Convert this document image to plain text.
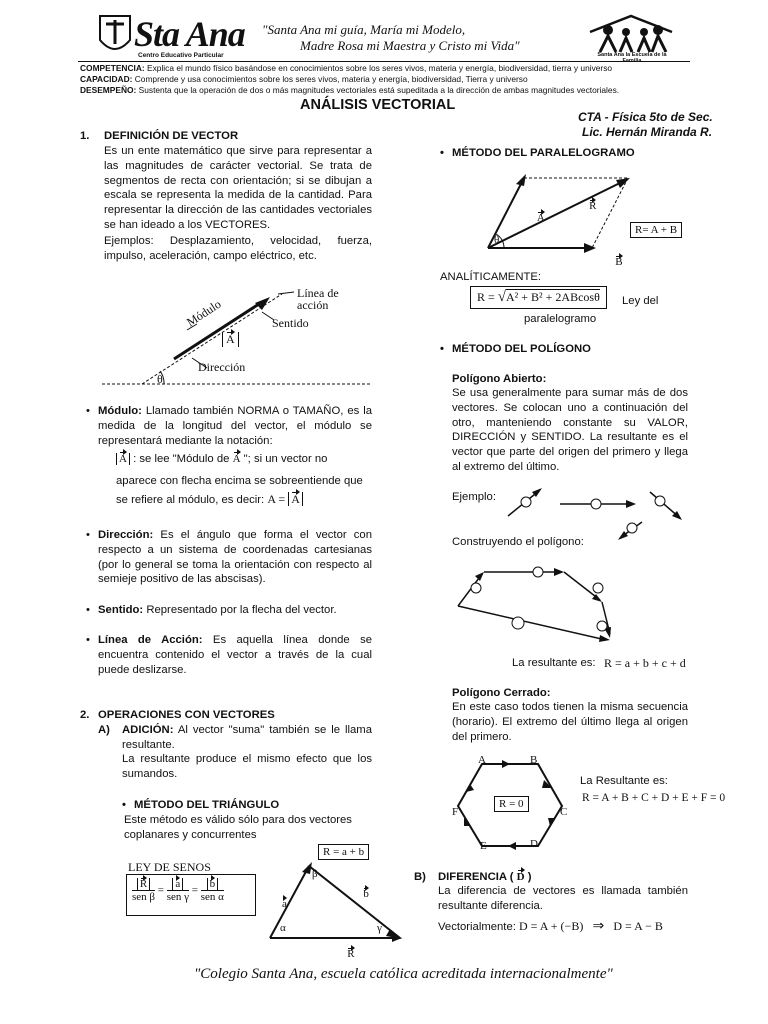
Sta Ana
Centro Educativo Particular
"Santa Ana mi guía, María mi Modelo,
Madre Rosa mi Maestra y Cristo mi Vida"
Santa Ana la Escuela de la Familia
COMPETENCIA: Explica el mundo físico basándose en conocimientos sobre los seres vivos, materia y energía, biodiversidad, tierra y universo
CAPACIDAD: Comprende y usa conocimientos sobre los seres vivos, materia y energía, biodiversidad, Tierra y universo
DESEMPEÑO: Sustenta que la operación de dos o más magnitudes vectoriales está supeditada a la dirección de ambas magnitudes vectoriales.
ANÁLISIS VECTORIAL
CTA - Física 5to de Sec.
Lic. Hernán Miranda R.
1. DEFINICIÓN DE VECTOR
Es un ente matemático que sirve para representar a las magnitudes de carácter vectorial. Se trata de segmentos de recta con orientación; si se dibujan a escala se representa la medida de la cantidad. Para representar la dirección de las cantidades vectoriales se han ideado a los VECTORES.
Ejemplos: Desplazamiento, velocidad, fuerza, impulso, aceleración, campo eléctrico, etc.
Módulo
Línea de
acción
Sentido
Dirección
θ
A
• Módulo: Llamado también NORMA o TAMAÑO, es la medida de la longitud del vector, el módulo se representará mediante la notación:
A : se lee "Módulo de A "; si un vector no
aparece con flecha encima se sobreentiende que
se refiere al módulo, es decir: A = A
• Dirección: Es el ángulo que forma el vector con respecto a un sistema de coordenadas cartesianas (por lo general se toma la orientación con respecto al semieje positivo de las abscisas).
• Sentido: Representado por la flecha del vector.
• Línea de Acción: Es aquella línea donde se encuentra contenido el vector a través de la cual puede deslizarse.
2. OPERACIONES CON VECTORES
A) ADICIÓN: Al vector "suma" también se le llama resultante.
La resultante produce el mismo efecto que los sumandos.
• MÉTODO DEL TRIÁNGULO
Este método es válido sólo para dos vectores coplanares y concurrentes
LEY DE SENOS
R
sen β
=
a
sen γ
=
b
sen α
R = a + b
a b R
α
β
γ
• MÉTODO DEL PARALELOGRAMO
R A B
θ
R= A + B
ANALÍTICAMENTE:
R = √A² + B² + 2ABcosθ	Ley del
paralelogramo
• MÉTODO DEL POLÍGONO
Polígono Abierto:
Se usa generalmente para sumar más de dos vectores. Se colocan uno a continuación del otro, manteniendo constante su VALOR, DIRECCIÓN y SENTIDO. La resultante es el vector que parte del origen del primero y llega al extremo del último.
Ejemplo:
Construyendo el polígono:
La resultante es: R = a + b + c + d
Polígono Cerrado:
En este caso todos tienen la misma secuencia (horario). El extremo del último llega al origen del primero.
A	B
C
D
E
F
R = 0
La Resultante es:
R = A + B + C + D + E + F = 0
B) DIFERENCIA ( D )
La diferencia de vectores es llamada también resultante diferencia.
Vectorialmente: D = A + (−B) ⇒ D = A − B
"Colegio Santa Ana, escuela católica acreditada internacionalmente"
